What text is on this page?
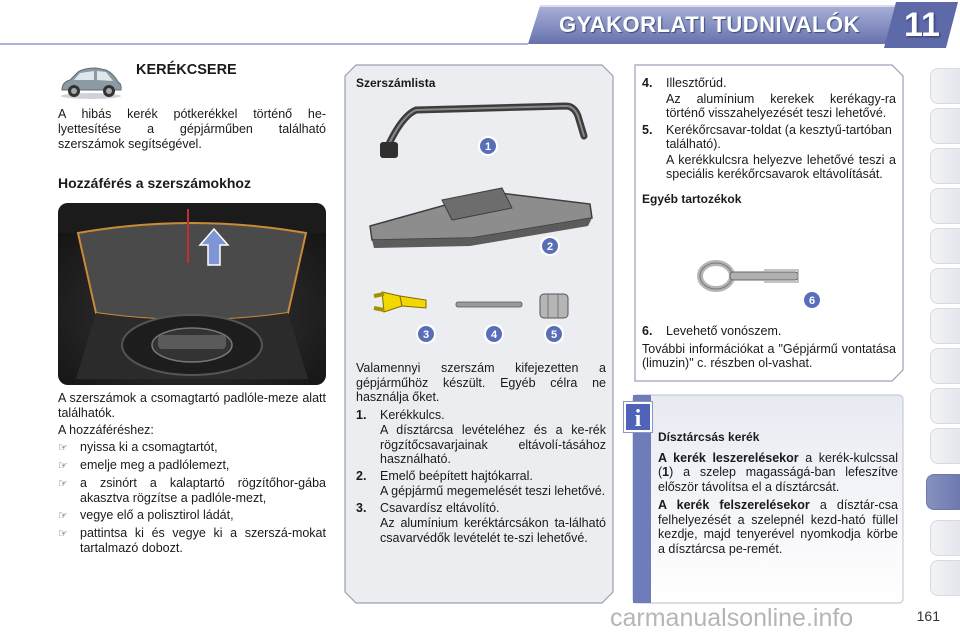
GYAKORLATI TUDNIVALÓK 11
KERÉKCSERE
A hibás kerék pótkerékkel történő he-lyettesítése a gépjárműben található szerszámok segítségével.
Hozzáférés a szerszámokhoz

A szerszámok a csomagtartó padlóle-meze alatt találhatók.

A hozzáféréshez:

☞ nyissa ki a csomagtartót,
☞ emelje meg a padlólemezt,
☞ a zsinórt a kalaptartó rögzítőhor-gába akasztva rögzítse a padlóle-mezt,
☞ vegye elő a polisztirol ládát,
☞ pattintsa ki és vegye ki a szerszá-mokat tartalmazó dobozt.
Szerszámlista
1
2
3	4	5

Valamennyi szerszám kifejezetten a gépjárműhöz készült. Egyéb célra ne használja őket.

1.	Kerékkulcs.
A dísztárcsa levételéhez és a ke-rék rögzítőcsavarjainak eltávolí-tásához használható.
2.	Emelő beépített hajtókarral.
A gépjármű megemelését teszi lehetővé.
3.	Csavardísz eltávolító.
Az alumínium keréktárcsákon ta-lálható csavarvédők levételét te-szi lehetővé.
4.	Illesztőrúd.
Az alumínium kerekek kerékagy-ra történő visszahelyezését teszi lehetővé.
5.	Kerékőrcsavar-toldat (a kesztyű-tartóban található).
A kerékkulcsra helyezve lehetővé teszi a speciális kerékőrcsavarok eltávolítását.
Egyéb tartozékok
6
6.	Levehető vonószem.

További információkat a "Gépjármű vontatása (limuzin)" c. részben ol-vashat.

i
Dísztárcsás kerék

A kerék leszerelésekor a kerék-kulcssal (1) a szelep magasságá-ban lefeszítve először távolítsa el a dísztárcsát.

A kerék felszerelésekor a dísztár-csa felhelyezését a szelepnél kezd-ható füllel kezdje, majd tenyerével nyomkodja körbe a dísztárcsa pe-remét.

carmanualsonline.info	161
